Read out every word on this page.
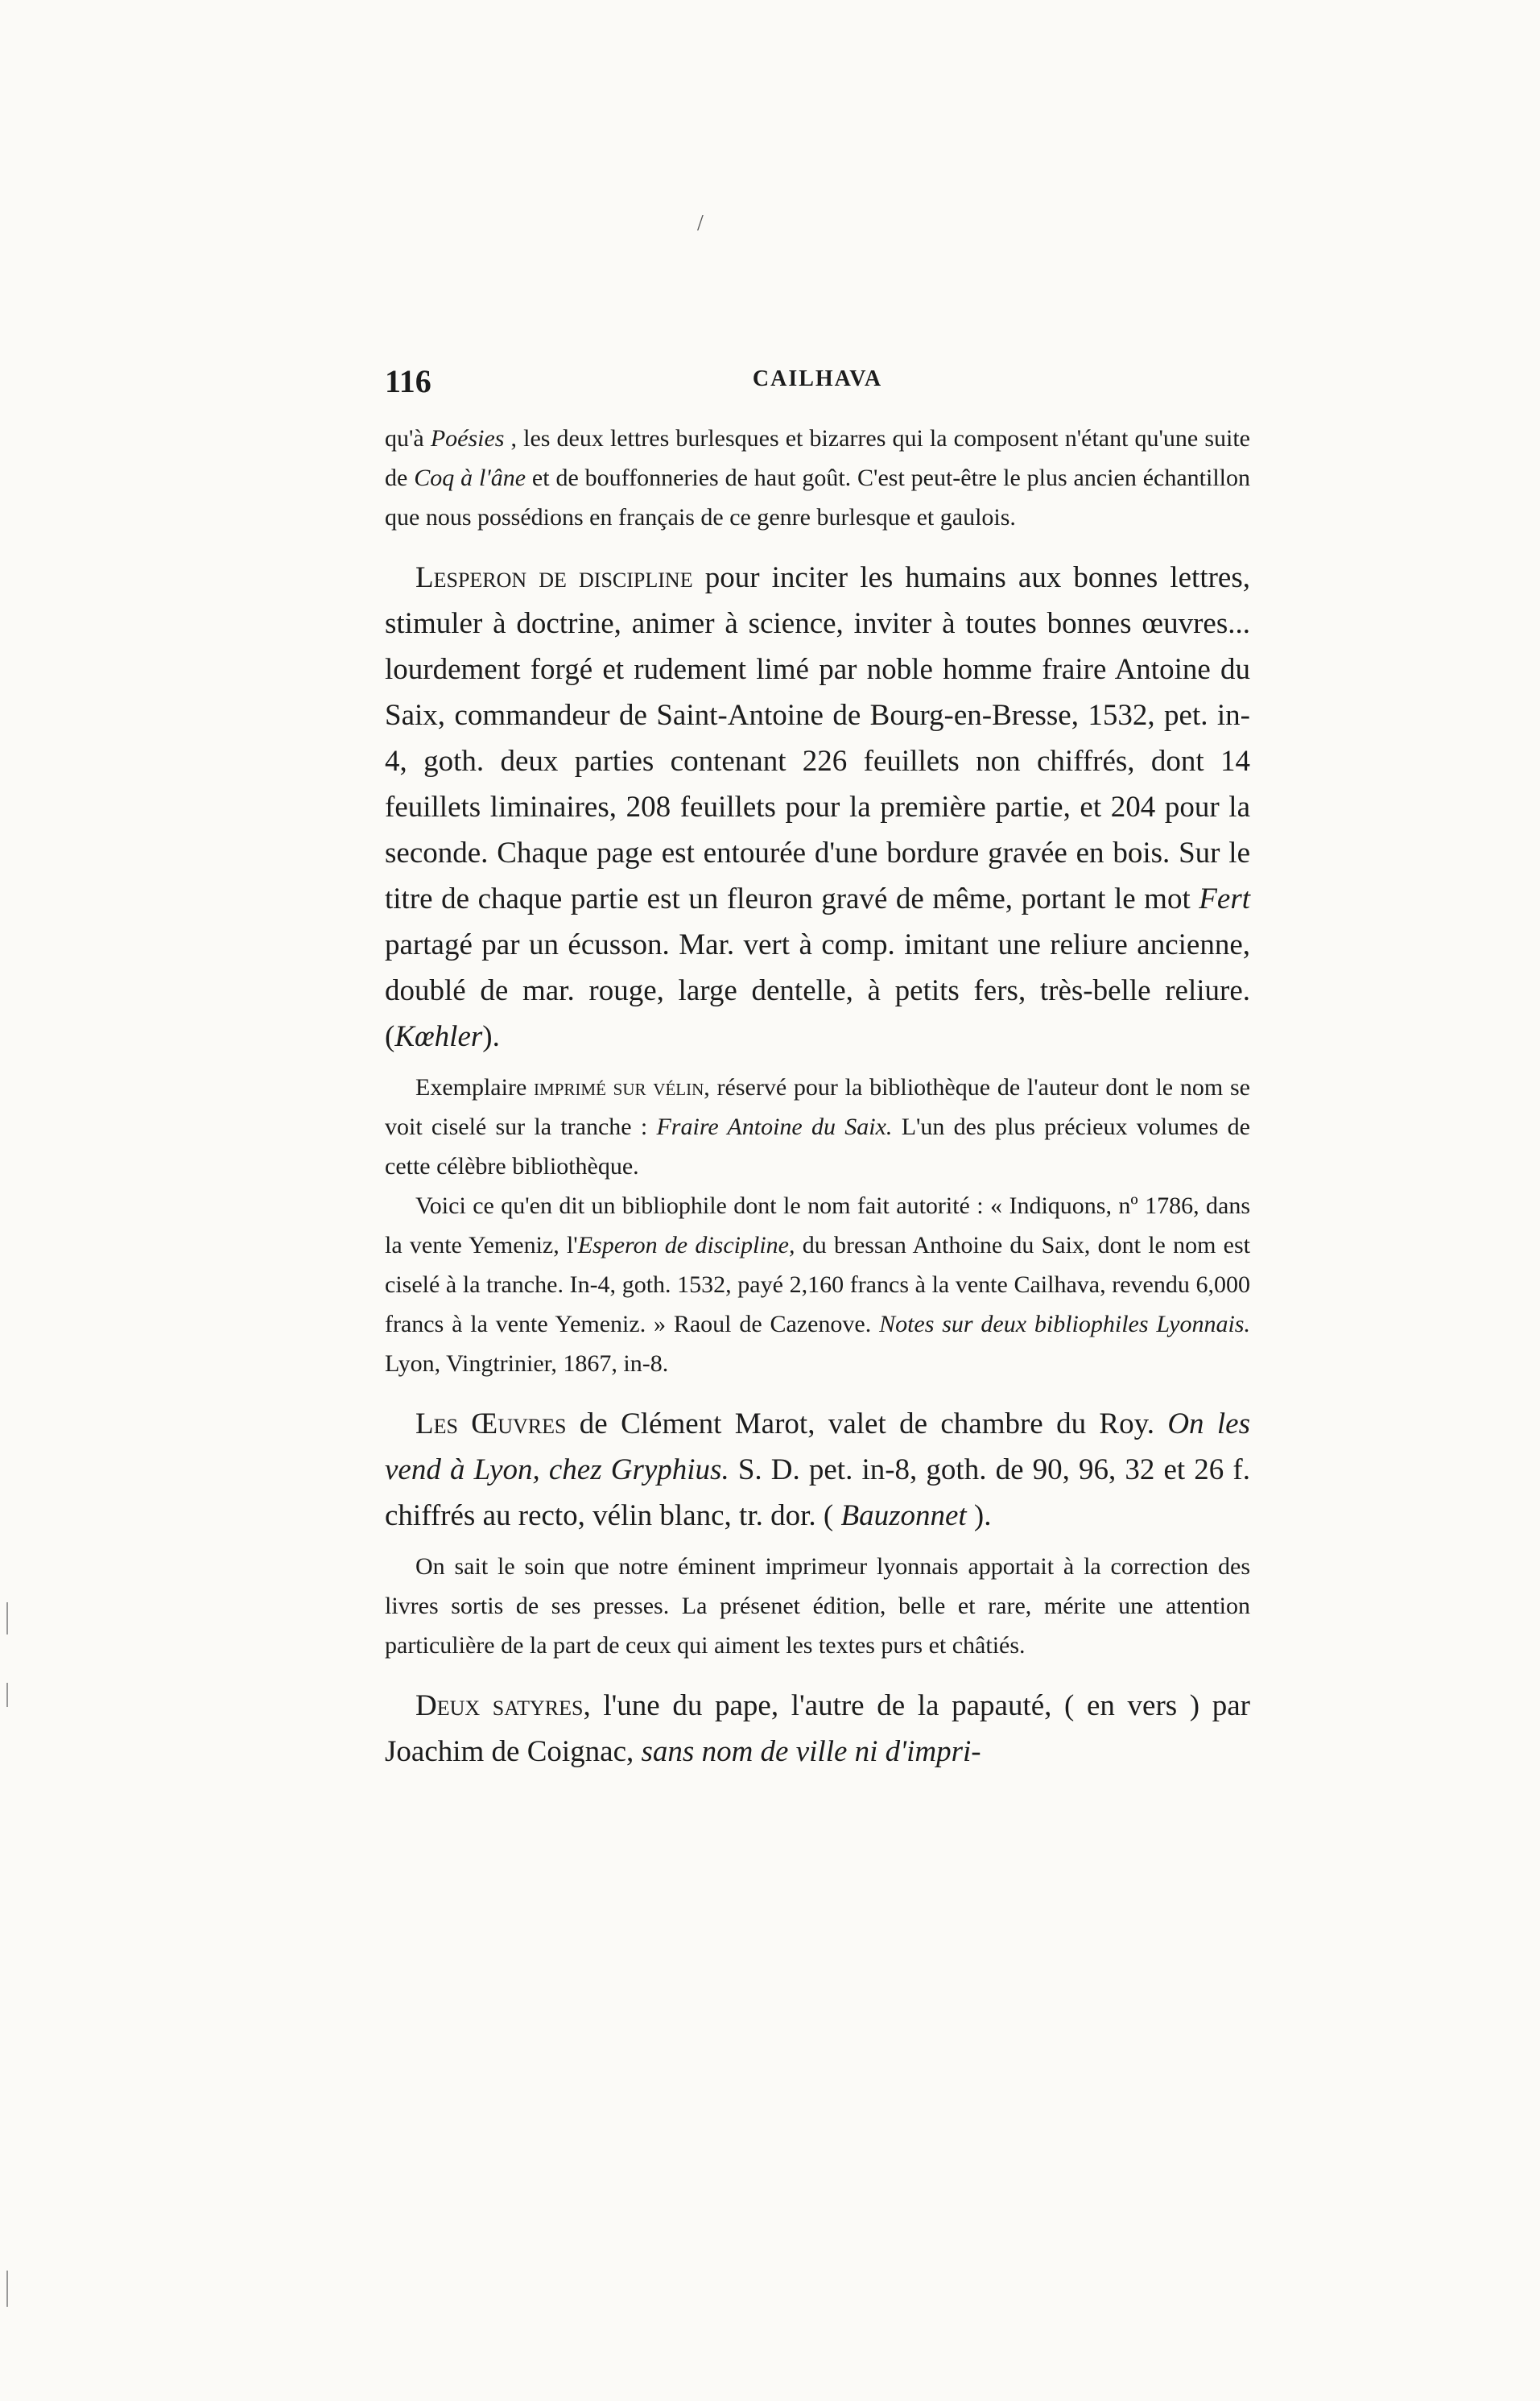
/
116	CAILHAVA

qu'à Poésies , les deux lettres burlesques et bizarres qui la composent n'étant qu'une suite de Coq à l'âne et de bouffonneries de haut goût. C'est peut-être le plus ancien échantillon que nous possédions en français de ce genre burlesque et gaulois.

Lesperon de discipline pour inciter les humains aux bonnes lettres, stimuler à doctrine, animer à science, inviter à toutes bonnes œuvres... lourdement forgé et rudement limé par noble homme fraire Antoine du Saix, commandeur de Saint-Antoine de Bourg-en-Bresse, 1532, pet. in-4, goth. deux parties contenant 226 feuillets non chiffrés, dont 14 feuillets liminaires, 208 feuillets pour la première partie, et 204 pour la seconde. Chaque page est entourée d'une bordure gravée en bois. Sur le titre de chaque partie est un fleuron gravé de même, portant le mot Fert partagé par un écusson. Mar. vert à comp. imitant une reliure ancienne, doublé de mar. rouge, large dentelle, à petits fers, très-belle reliure. (Kœhler).

Exemplaire imprimé sur vélin, réservé pour la bibliothèque de l'auteur dont le nom se voit ciselé sur la tranche : Fraire Antoine du Saix. L'un des plus précieux volumes de cette célèbre bibliothèque.

Voici ce qu'en dit un bibliophile dont le nom fait autorité : « Indiquons, nº 1786, dans la vente Yemeniz, l'Esperon de discipline, du bressan Anthoine du Saix, dont le nom est ciselé à la tranche. In-4, goth. 1532, payé 2,160 francs à la vente Cailhava, revendu 6,000 francs à la vente Yemeniz. » Raoul de Cazenove. Notes sur deux bibliophiles Lyonnais. Lyon, Vingtrinier, 1867, in-8.

Les Œuvres de Clément Marot, valet de chambre du Roy. On les vend à Lyon, chez Gryphius. S. D. pet. in-8, goth. de 90, 96, 32 et 26 f. chiffrés au recto, vélin blanc, tr. dor. ( Bauzonnet ).

On sait le soin que notre éminent imprimeur lyonnais apportait à la correction des livres sortis de ses presses. La présenet édition, belle et rare, mérite une attention particulière de la part de ceux qui aiment les textes purs et châtiés.

Deux satyres, l'une du pape, l'autre de la papauté, ( en vers ) par Joachim de Coignac, sans nom de ville ni d'impri-
